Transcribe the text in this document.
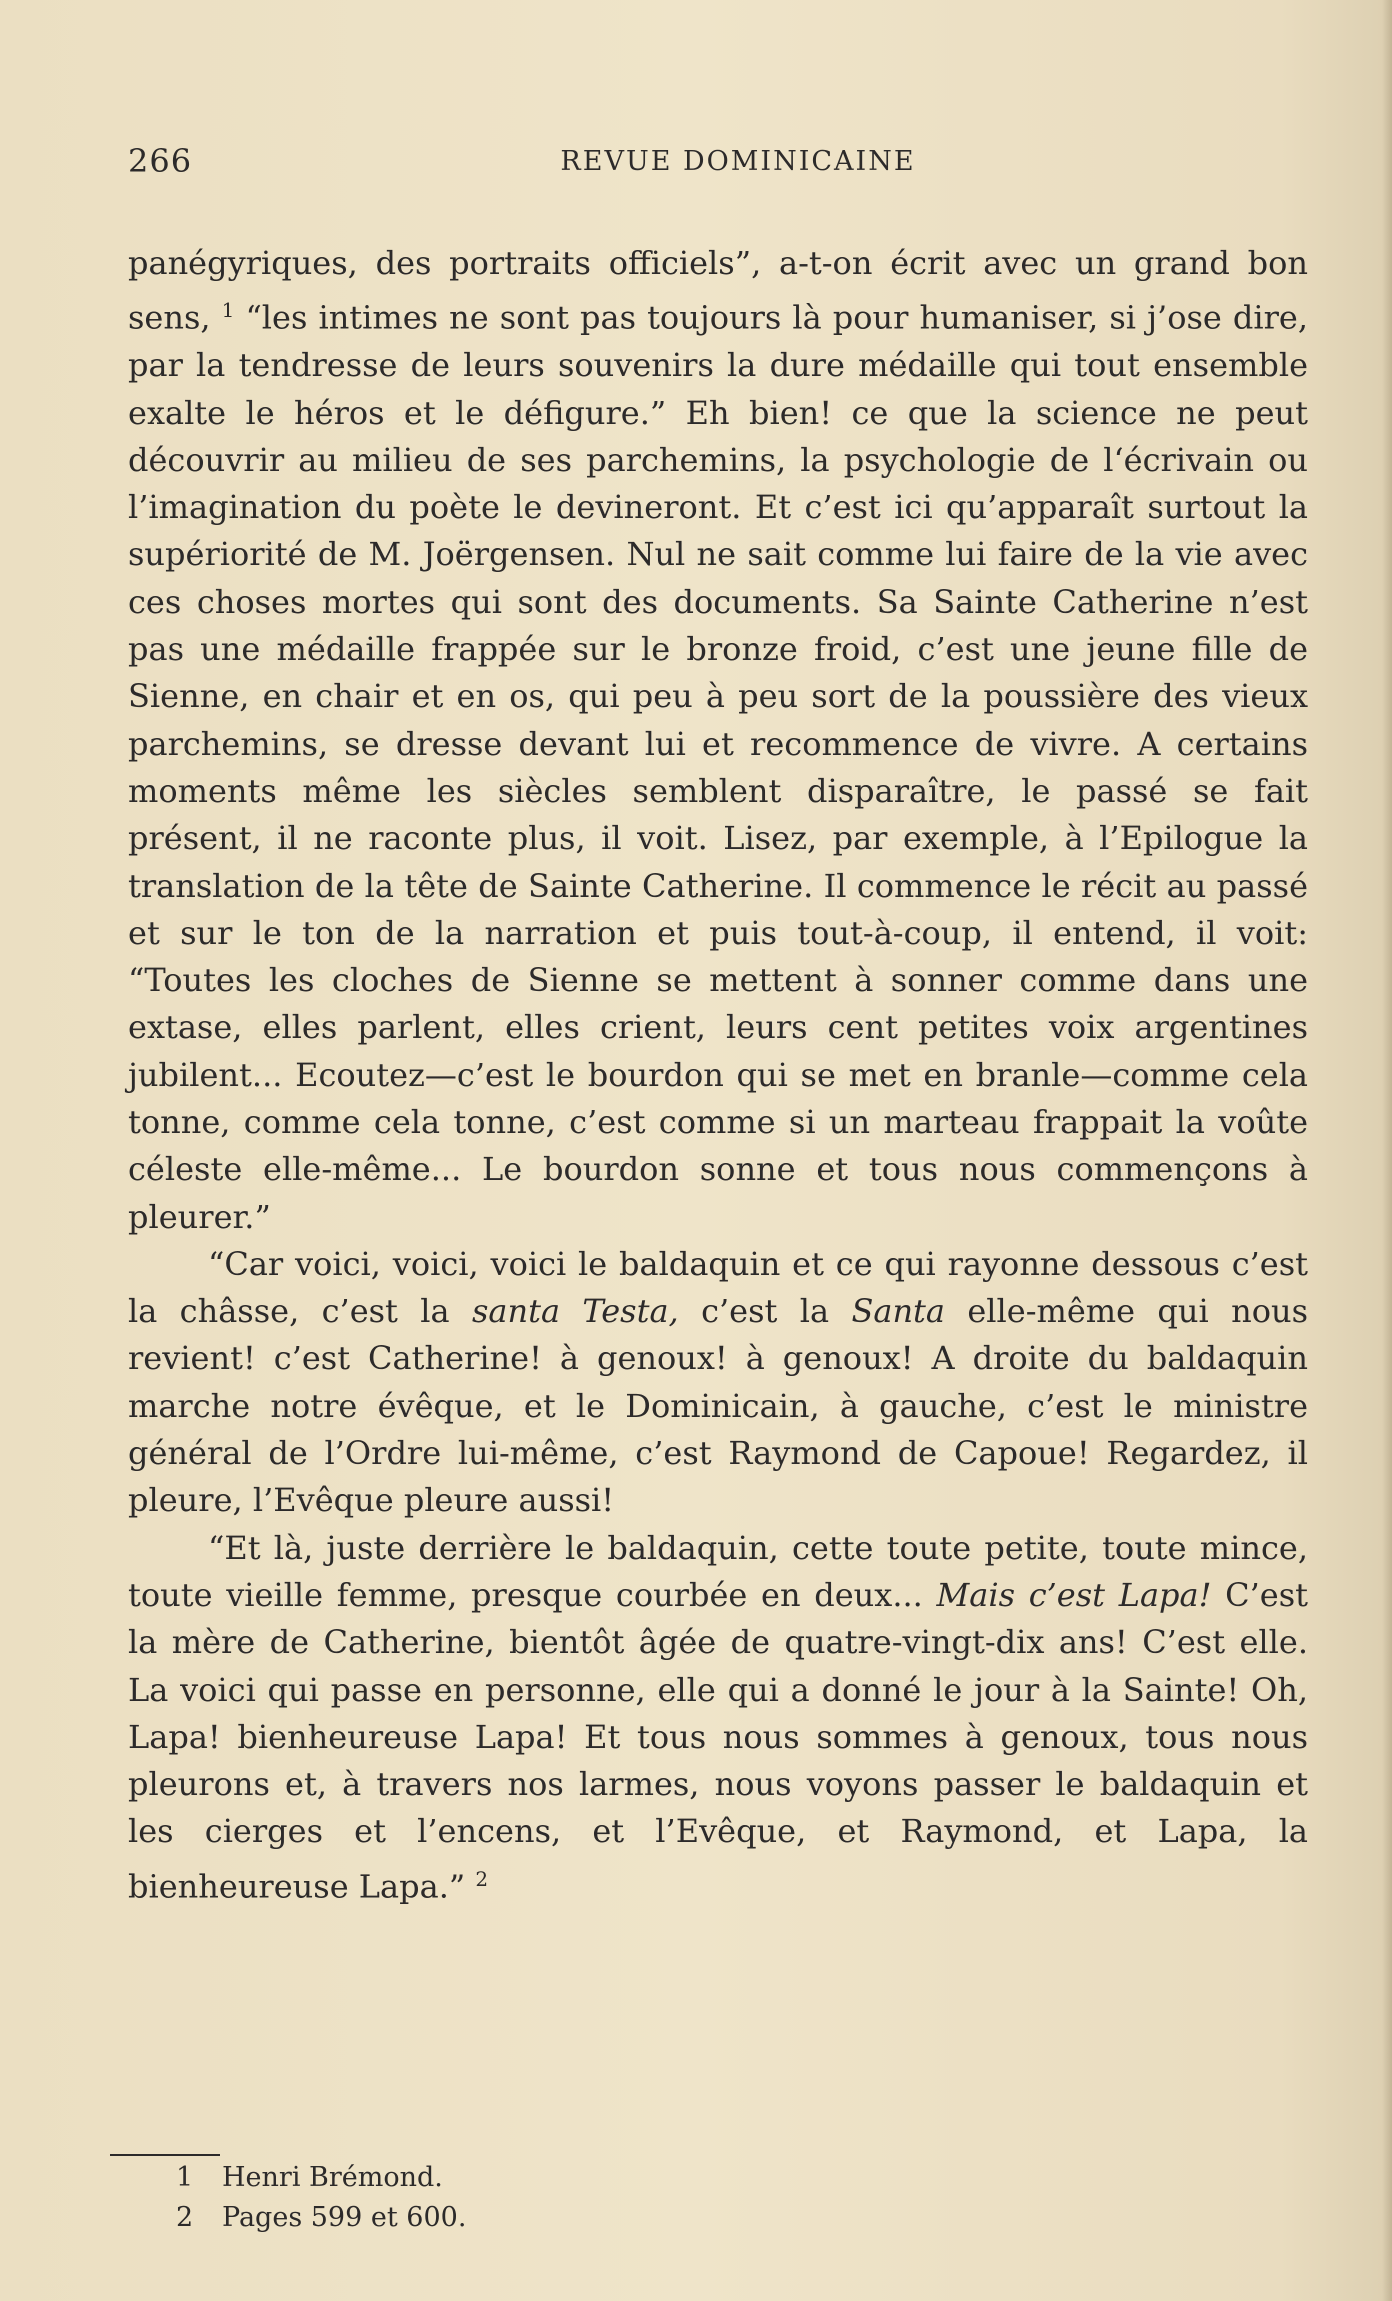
266	REVUE DOMINICAINE

panégyriques, des portraits officiels”, a-t-on écrit avec un grand bon sens, $^1$ “les intimes ne sont pas toujours là pour humaniser, si j’ose dire, par la tendresse de leurs souvenirs la dure médaille qui tout ensemble exalte le héros et le défigure.” Eh bien! ce que la science ne peut découvrir au milieu de ses parchemins, la psychologie de l‘écrivain ou l’imagination du poète le devineront. Et c’est ici qu’apparaît surtout la supériorité de M. Joërgensen. Nul ne sait comme lui faire de la vie avec ces choses mortes qui sont des documents. Sa Sainte Catherine n’est pas une médaille frappée sur le bronze froid, c’est une jeune fille de Sienne, en chair et en os, qui peu à peu sort de la poussière des vieux parchemins, se dresse devant lui et recommence de vivre. A certains moments même les siècles semblent disparaître, le passé se fait présent, il ne raconte plus, il voit. Lisez, par exemple, à l’Epilogue la translation de la tête de Sainte Catherine. Il commence le récit au passé et sur le ton de la narration et puis tout-à-coup, il entend, il voit: “Toutes les cloches de Sienne se mettent à sonner comme dans une extase, elles parlent, elles crient, leurs cent petites voix argentines jubilent... Ecoutez—c’est le bourdon qui se met en branle—comme cela tonne, comme cela tonne, c’est comme si un marteau frappait la voûte céleste elle-même... Le bourdon sonne et tous nous commençons à pleurer.”

“Car voici, voici, voici le baldaquin et ce qui rayonne dessous c’est la châsse, c’est la santa Testa, c’est la Santa elle-même qui nous revient! c’est Catherine! à genoux! à genoux! A droite du baldaquin marche notre évêque, et le Dominicain, à gauche, c’est le ministre général de l’Ordre lui-même, c’est Raymond de Capoue! Regardez, il pleure, l’Evêque pleure aussi!

“Et là, juste derrière le baldaquin, cette toute petite, toute mince, toute vieille femme, presque courbée en deux... Mais c’est Lapa! C’est la mère de Catherine, bientôt âgée de quatre-vingt-dix ans! C’est elle. La voici qui passe en personne, elle qui a donné le jour à la Sainte! Oh, Lapa! bienheureuse Lapa! Et tous nous sommes à genoux, tous nous pleurons et, à travers nos larmes, nous voyons passer le baldaquin et les cierges et l’encens, et l’Evêque, et Raymond, et Lapa, la bienheureuse Lapa.” $^2$

1 Henri Brémond.

2 Pages 599 et 600.
